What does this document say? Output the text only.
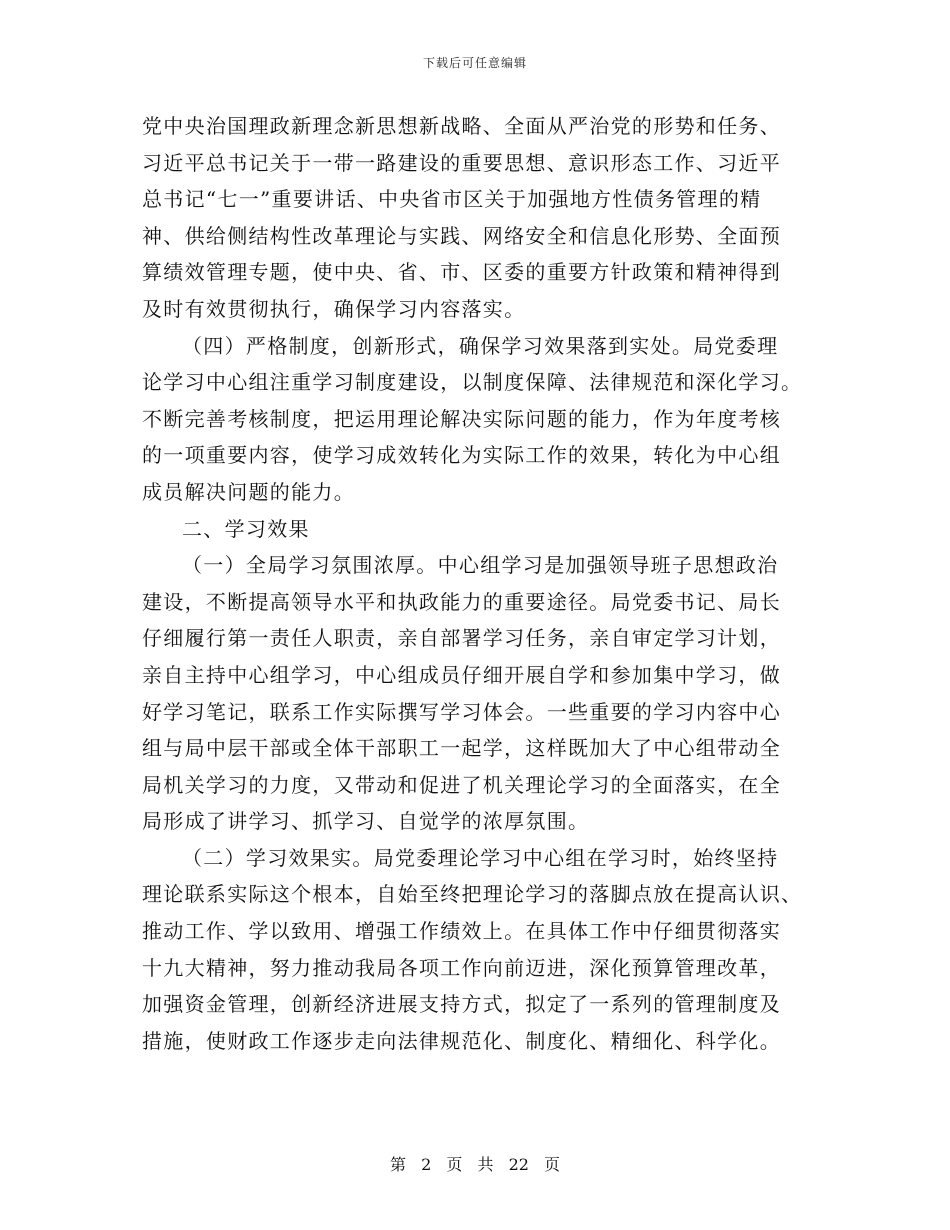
下载后可任意编辑
党中央治国理政新理念新思想新战略、全面从严治党的形势和任务、
习近平总书记关于一带一路建设的重要思想、意识形态工作、习近平
总书记“七一”重要讲话、中央省市区关于加强地方性债务管理的精
神、供给侧结构性改革理论与实践、网络安全和信息化形势、全面预
算绩效管理专题，使中央、省、市、区委的重要方针政策和精神得到
及时有效贯彻执行，确保学习内容落实。
（四）严格制度，创新形式，确保学习效果落到实处。局党委理
论学习中心组注重学习制度建设，以制度保障、法律规范和深化学习。
不断完善考核制度，把运用理论解决实际问题的能力，作为年度考核
的一项重要内容，使学习成效转化为实际工作的效果，转化为中心组
成员解决问题的能力。
二、学习效果
（一）全局学习氛围浓厚。中心组学习是加强领导班子思想政治
建设，不断提高领导水平和执政能力的重要途径。局党委书记、局长
仔细履行第一责任人职责，亲自部署学习任务，亲自审定学习计划，
亲自主持中心组学习，中心组成员仔细开展自学和参加集中学习，做
好学习笔记，联系工作实际撰写学习体会。一些重要的学习内容中心
组与局中层干部或全体干部职工一起学，这样既加大了中心组带动全
局机关学习的力度，又带动和促进了机关理论学习的全面落实，在全
局形成了讲学习、抓学习、自觉学的浓厚氛围。
（二）学习效果实。局党委理论学习中心组在学习时，始终坚持
理论联系实际这个根本，自始至终把理论学习的落脚点放在提高认识、
推动工作、学以致用、增强工作绩效上。在具体工作中仔细贯彻落实
十九大精神，努力推动我局各项工作向前迈进，深化预算管理改革，
加强资金管理，创新经济进展支持方式，拟定了一系列的管理制度及
措施，使财政工作逐步走向法律规范化、制度化、精细化、科学化。
第 2 页 共 22 页
